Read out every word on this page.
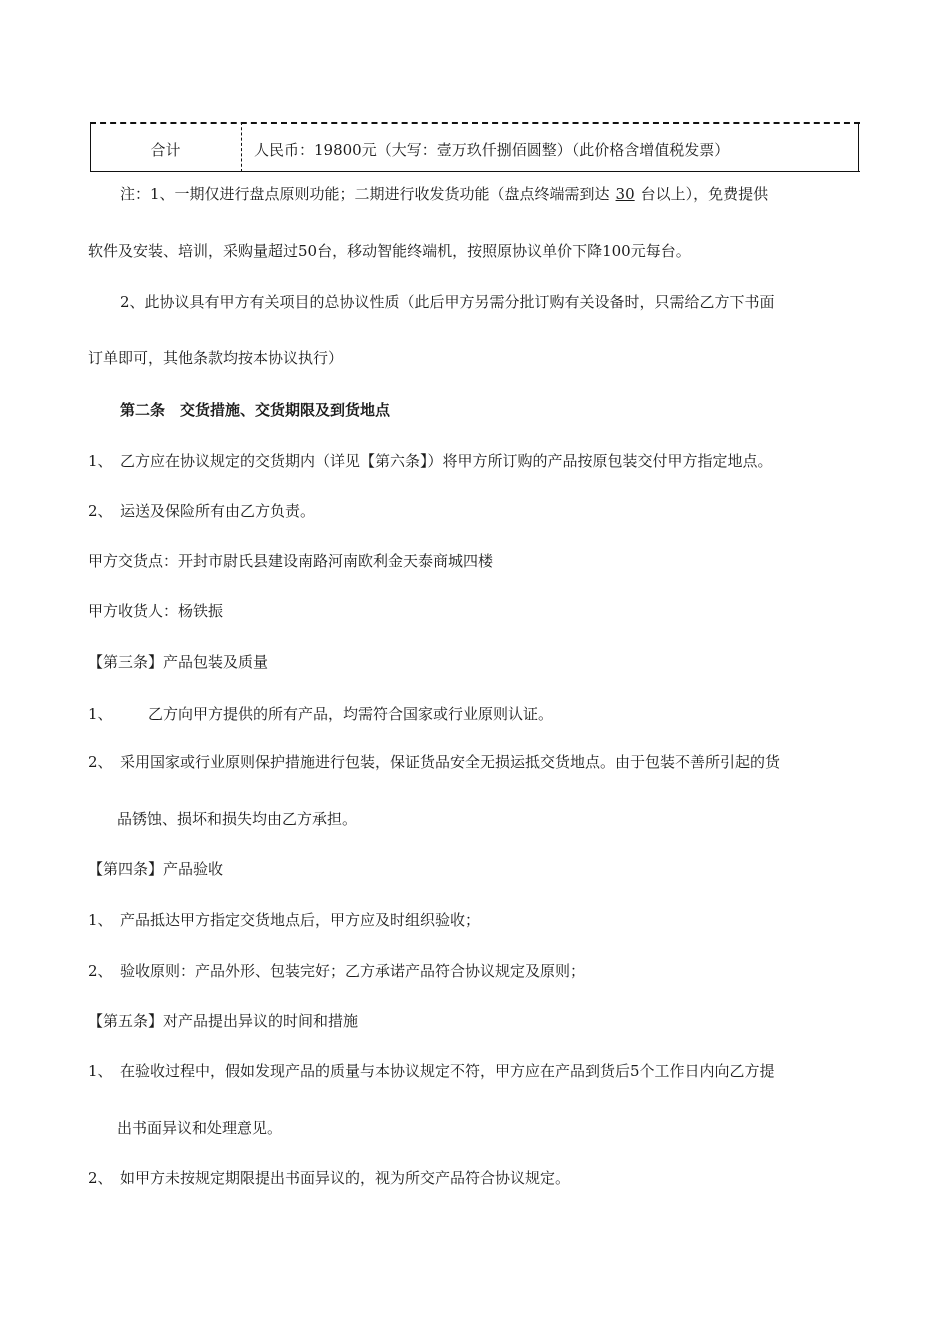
合计	人民币：19800元（大写：壹万玖仟捌佰圆整）（此价格含增值税发票）
注：1、一期仅进行盘点原则功能；二期进行收发货功能（盘点终端需到达 30 台以上），免费提供
软件及安装、培训，采购量超过50台，移动智能终端机，按照原协议单价下降100元每台。
2、此协议具有甲方有关项目的总协议性质（此后甲方另需分批订购有关设备时，只需给乙方下书面
订单即可，其他条款均按本协议执行）
第二条　交货措施、交货期限及到货地点
1、 乙方应在协议规定的交货期内（详见【第六条】）将甲方所订购的产品按原包装交付甲方指定地点。
2、 运送及保险所有由乙方负责。
甲方交货点：开封市尉氏县建设南路河南欧利金天泰商城四楼
甲方收货人：杨铁振
【第三条】产品包装及质量
1、 乙方向甲方提供的所有产品，均需符合国家或行业原则认证。
2、 采用国家或行业原则保护措施进行包装，保证货品安全无损运抵交货地点。由于包装不善所引起的货
品锈蚀、损坏和损失均由乙方承担。
【第四条】产品验收
1、 产品抵达甲方指定交货地点后，甲方应及时组织验收；
2、 验收原则：产品外形、包装完好；乙方承诺产品符合协议规定及原则；
【第五条】对产品提出异议的时间和措施
1、 在验收过程中，假如发现产品的质量与本协议规定不符，甲方应在产品到货后5个工作日内向乙方提
出书面异议和处理意见。
2、 如甲方未按规定期限提出书面异议的，视为所交产品符合协议规定。
